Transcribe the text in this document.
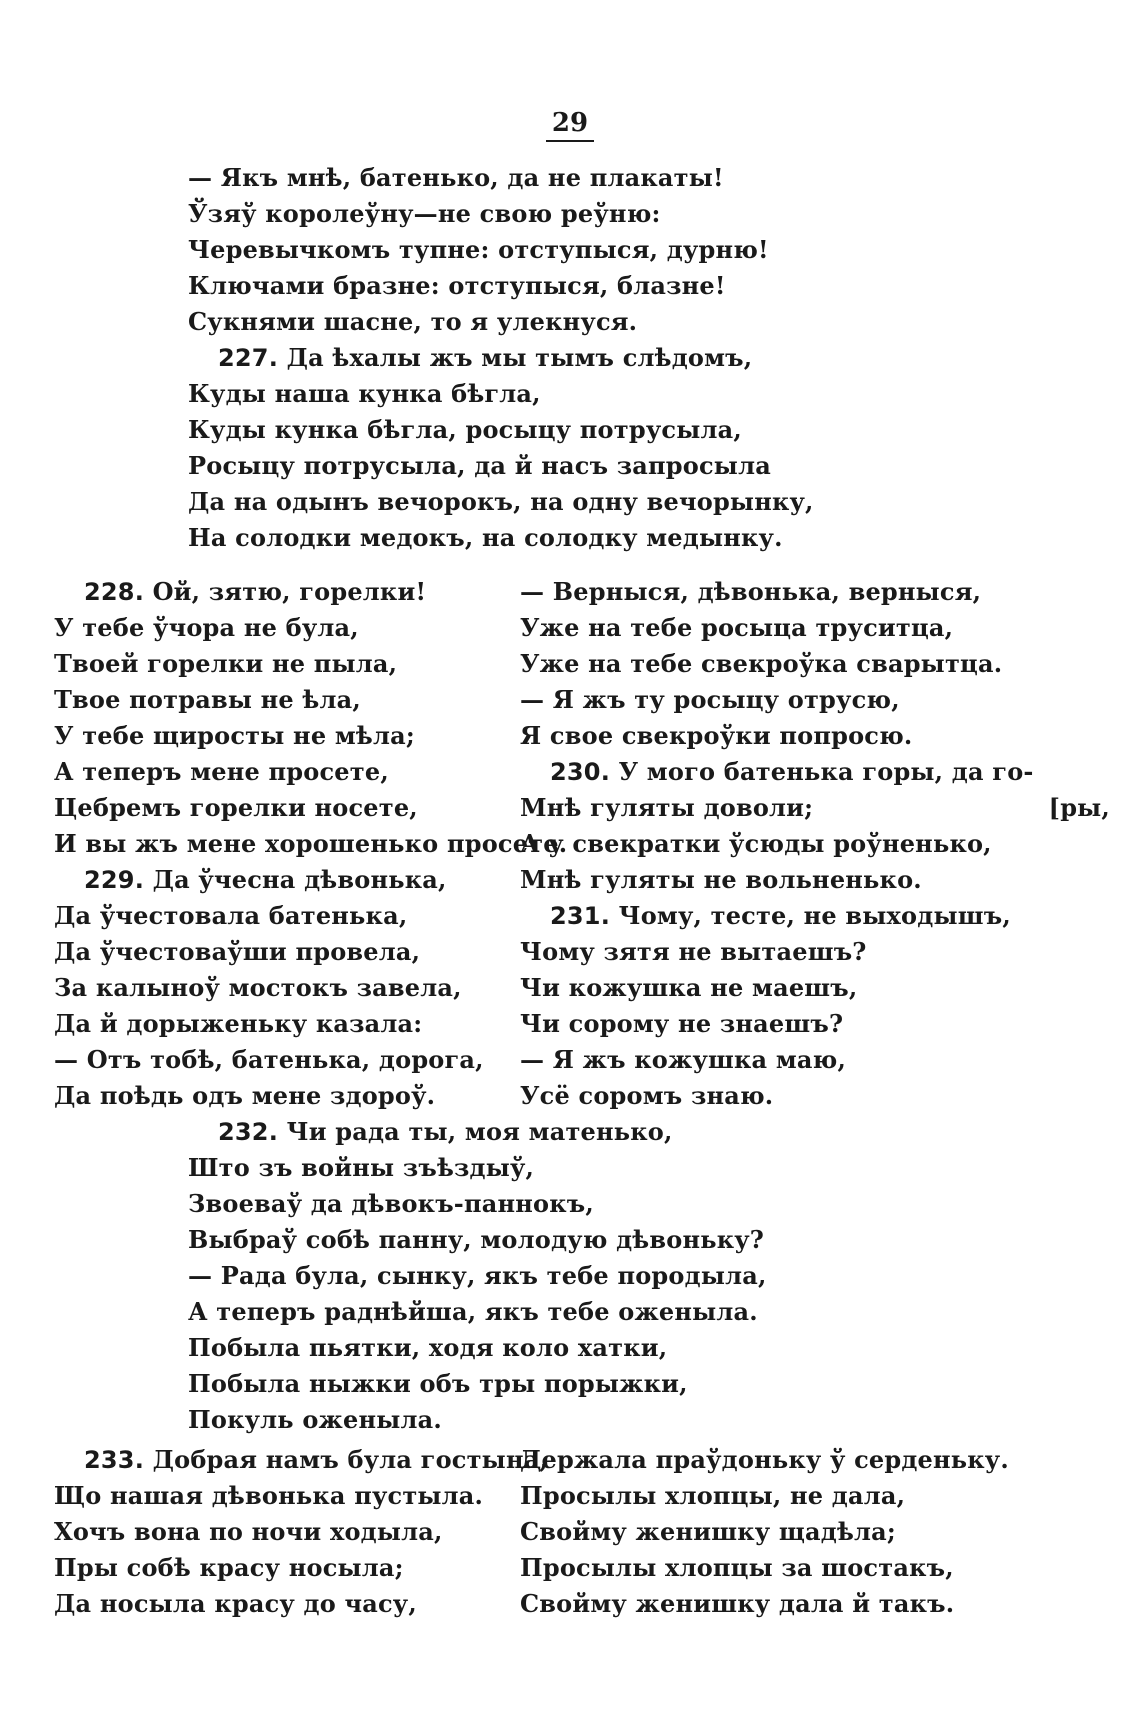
29
— Якъ мнѣ, батенько, да не плакаты!
Ўзяў королеўну—не свою реўню:
Черевычкомъ тупне: отступыся, дурню!
Ключами бразне: отступыся, блазне!
Сукнями шасне, то я улекнуся.
227. Да ѣхалы жъ мы тымъ слѣдомъ,
Куды наша кунка бѣгла,
Куды кунка бѣгла, росыцу потрусыла,
Росыцу потрусыла, да й насъ запросыла
Да на одынъ вечорокъ, на одну вечорынку,
На солодки медокъ, на солодку медынку.
228. Ой, зятю, горелки!
У тебе ўчора не була,
Твоей горелки не пыла,
Твое потравы не ѣла,
У тебе щиросты не мѣла;
А теперъ мене просете,
Цебремъ горелки носете,
И вы жъ мене хорошенько просете.
229. Да ўчесна дѣвонька,
Да ўчестовала батенька,
Да ўчестоваўши провела,
За калыноў мостокъ завела,
Да й дорыженьку казала:
— Отъ тобѣ, батенька, дорога,
Да поѣдь одъ мене здороў.
— Верныся, дѣвонька, верныся,
Уже на тебе росыца труситца,
Уже на тебе свекроўка сварытца.
— Я жъ ту росыцу отрусю,
Я свое свекроўки попросю.
230. У мого батенька горы, да го-
Мнѣ гуляты доволи;	[ры,
А у свекратки ўсюды роўненько,
Мнѣ гуляты не вольненько.
231. Чому, тесте, не выходышъ,
Чому зятя не вытаешъ?
Чи кожушка не маешъ,
Чи сорому не знаешъ?
— Я жъ кожушка маю,
Усё соромъ знаю.
232. Чи рада ты, моя матенько,
Што зъ войны зъѣздыў,
Звоеваў да дѣвокъ-паннокъ,
Выбраў собѣ панну, молодую дѣвоньку?
— Рада була, сынку, якъ тебе породыла,
А теперъ раднѣйша, якъ тебе оженыла.
Побыла пьятки, ходя коло хатки,
Побыла ныжки объ тры порыжки,
Покуль оженыла.
233. Добрая намъ була гостына,
Що нашая дѣвонька пустыла.
Хочъ вона по ночи ходыла,
Пры собѣ красу носыла;
Да носыла красу до часу,
Держала праўдоньку ў серденьку.
Просылы хлопцы, не дала,
Свойму женишку щадѣла;
Просылы хлопцы за шостакъ,
Свойму женишку дала й такъ.
